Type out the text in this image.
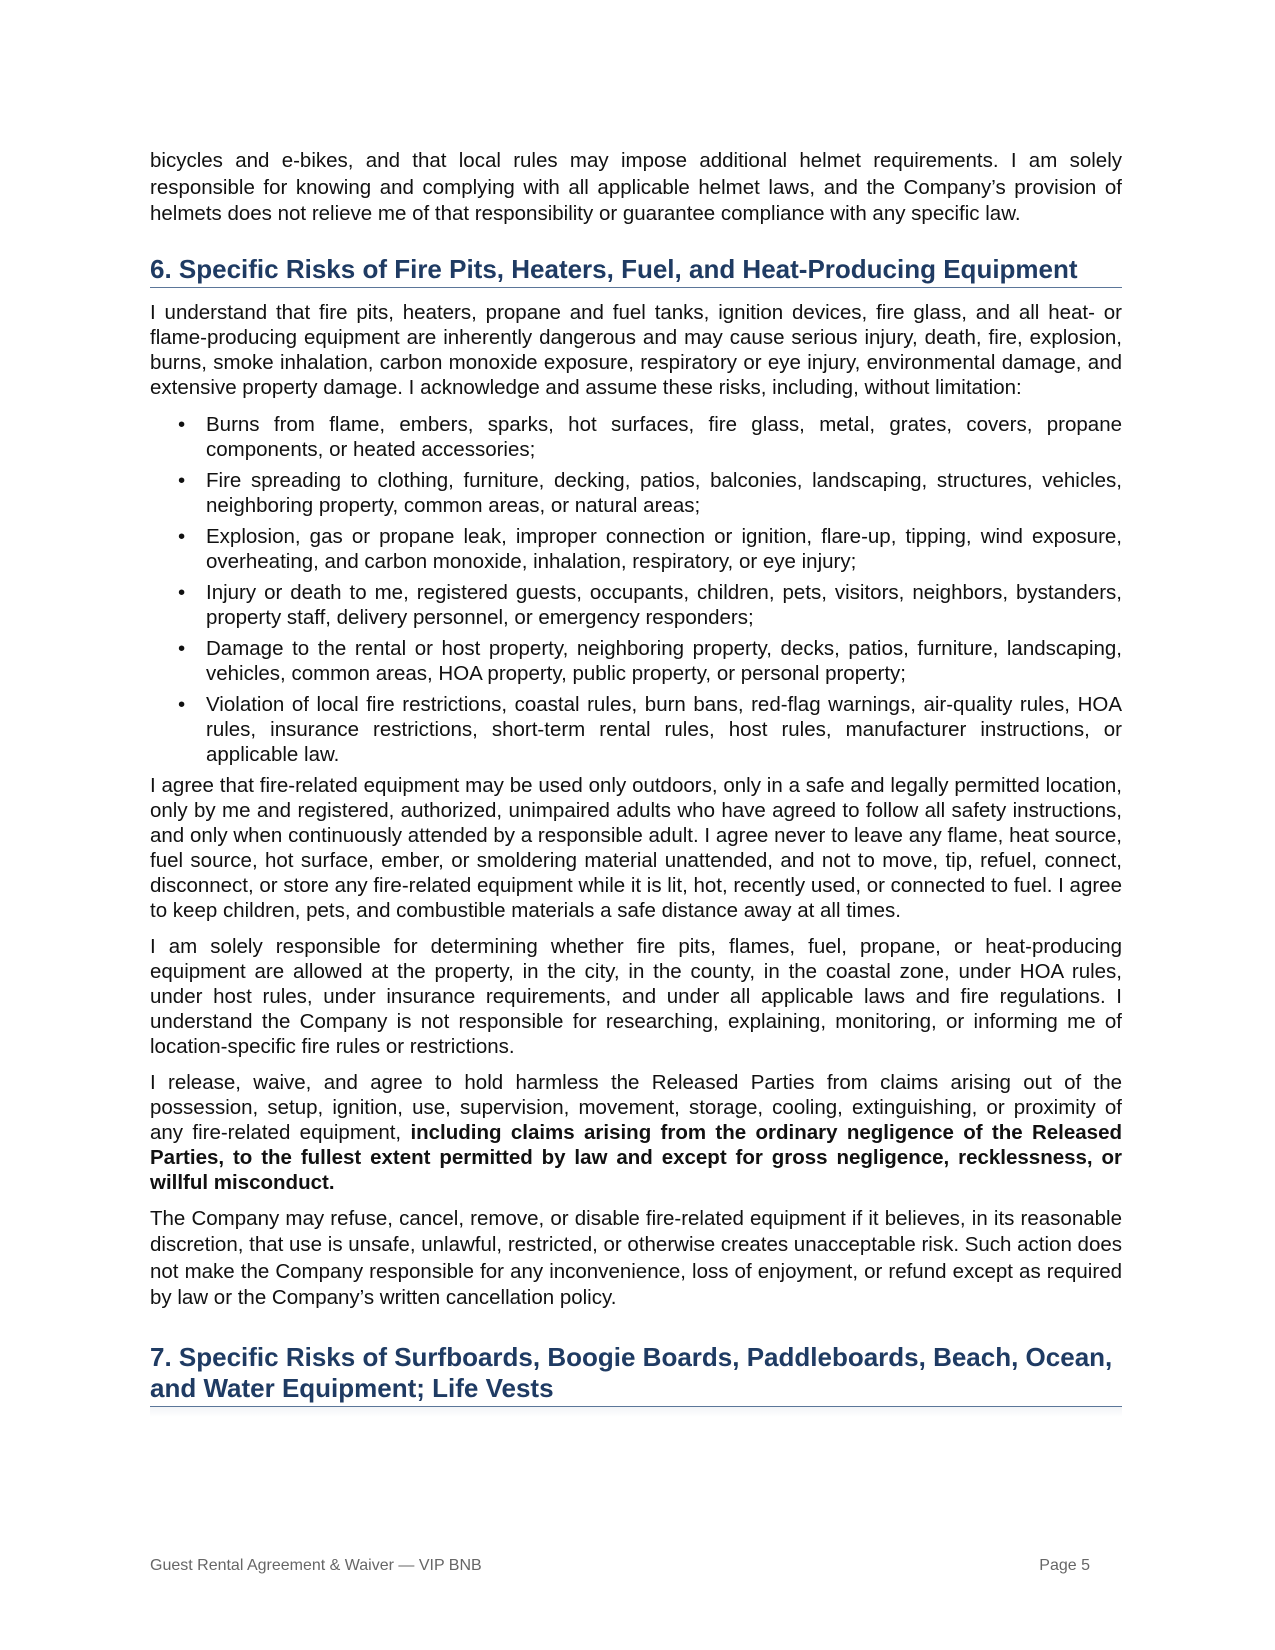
bicycles and e-bikes, and that local rules may impose additional helmet requirements. I am solely responsible for knowing and complying with all applicable helmet laws, and the Company’s provision of helmets does not relieve me of that responsibility or guarantee compliance with any specific law.

6. Specific Risks of Fire Pits, Heaters, Fuel, and Heat-Producing Equipment

I understand that fire pits, heaters, propane and fuel tanks, ignition devices, fire glass, and all heat- or flame-producing equipment are inherently dangerous and may cause serious injury, death, fire, explosion, burns, smoke inhalation, carbon monoxide exposure, respiratory or eye injury, environmental damage, and extensive property damage. I acknowledge and assume these risks, including, without limitation:

• Burns from flame, embers, sparks, hot surfaces, fire glass, metal, grates, covers, propane components, or heated accessories;
• Fire spreading to clothing, furniture, decking, patios, balconies, landscaping, structures, vehicles, neighboring property, common areas, or natural areas;
• Explosion, gas or propane leak, improper connection or ignition, flare-up, tipping, wind exposure, overheating, and carbon monoxide, inhalation, respiratory, or eye injury;
• Injury or death to me, registered guests, occupants, children, pets, visitors, neighbors, bystanders, property staff, delivery personnel, or emergency responders;
• Damage to the rental or host property, neighboring property, decks, patios, furniture, landscaping, vehicles, common areas, HOA property, public property, or personal property;
• Violation of local fire restrictions, coastal rules, burn bans, red-flag warnings, air-quality rules, HOA rules, insurance restrictions, short-term rental rules, host rules, manufacturer instructions, or applicable law.

I agree that fire-related equipment may be used only outdoors, only in a safe and legally permitted location, only by me and registered, authorized, unimpaired adults who have agreed to follow all safety instructions, and only when continuously attended by a responsible adult. I agree never to leave any flame, heat source, fuel source, hot surface, ember, or smoldering material unattended, and not to move, tip, refuel, connect, disconnect, or store any fire-related equipment while it is lit, hot, recently used, or connected to fuel. I agree to keep children, pets, and combustible materials a safe distance away at all times.

I am solely responsible for determining whether fire pits, flames, fuel, propane, or heat-producing equipment are allowed at the property, in the city, in the county, in the coastal zone, under HOA rules, under host rules, under insurance requirements, and under all applicable laws and fire regulations. I understand the Company is not responsible for researching, explaining, monitoring, or informing me of location-specific fire rules or restrictions.

I release, waive, and agree to hold harmless the Released Parties from claims arising out of the possession, setup, ignition, use, supervision, movement, storage, cooling, extinguishing, or proximity of any fire-related equipment, including claims arising from the ordinary negligence of the Released Parties, to the fullest extent permitted by law and except for gross negligence, recklessness, or willful misconduct.

The Company may refuse, cancel, remove, or disable fire-related equipment if it believes, in its reasonable discretion, that use is unsafe, unlawful, restricted, or otherwise creates unacceptable risk. Such action does not make the Company responsible for any inconvenience, loss of enjoyment, or refund except as required by law or the Company’s written cancellation policy.

7. Specific Risks of Surfboards, Boogie Boards, Paddleboards, Beach, Ocean, and Water Equipment; Life Vests
Guest Rental Agreement & Waiver — VIP BNB	Page 5
